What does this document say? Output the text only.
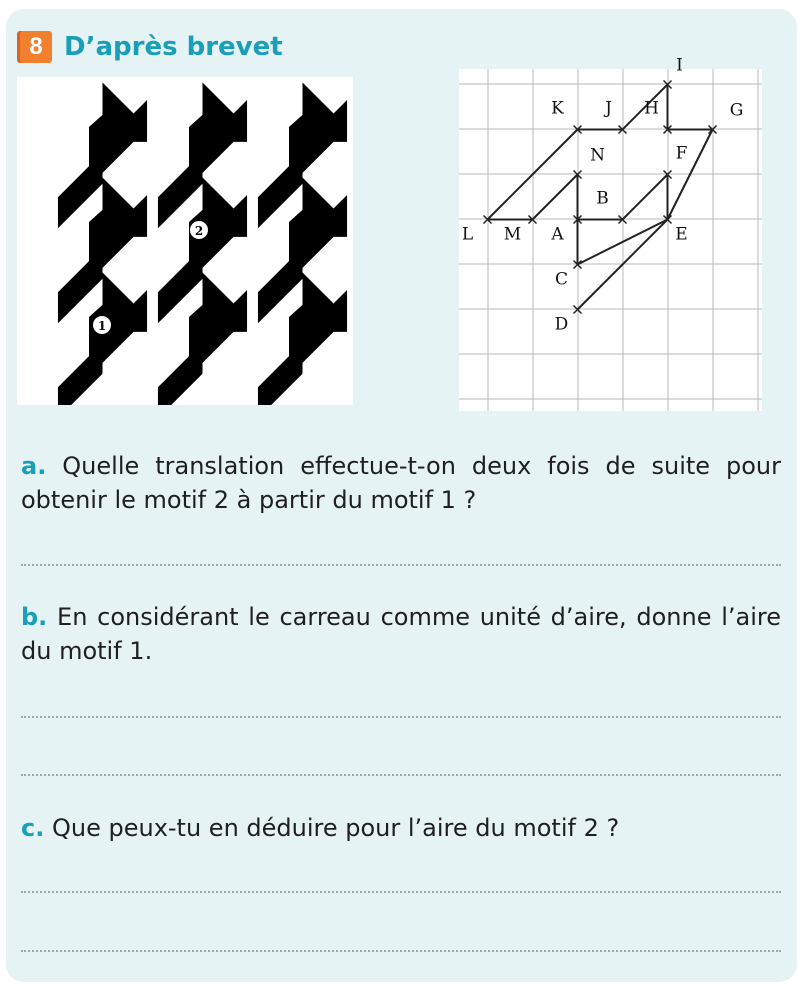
8 D’après brevet
2
1
I
K J	G
N
H
B
F
L M A	E
C
D
a. Quelle translation effectue-t-on deux fois de suite pour obtenir le motif 2 à partir du motif 1 ?
b. En considérant le carreau comme unité d’aire, donne l’aire du motif 1.
c. Que peux-tu en déduire pour l’aire du motif 2 ?
